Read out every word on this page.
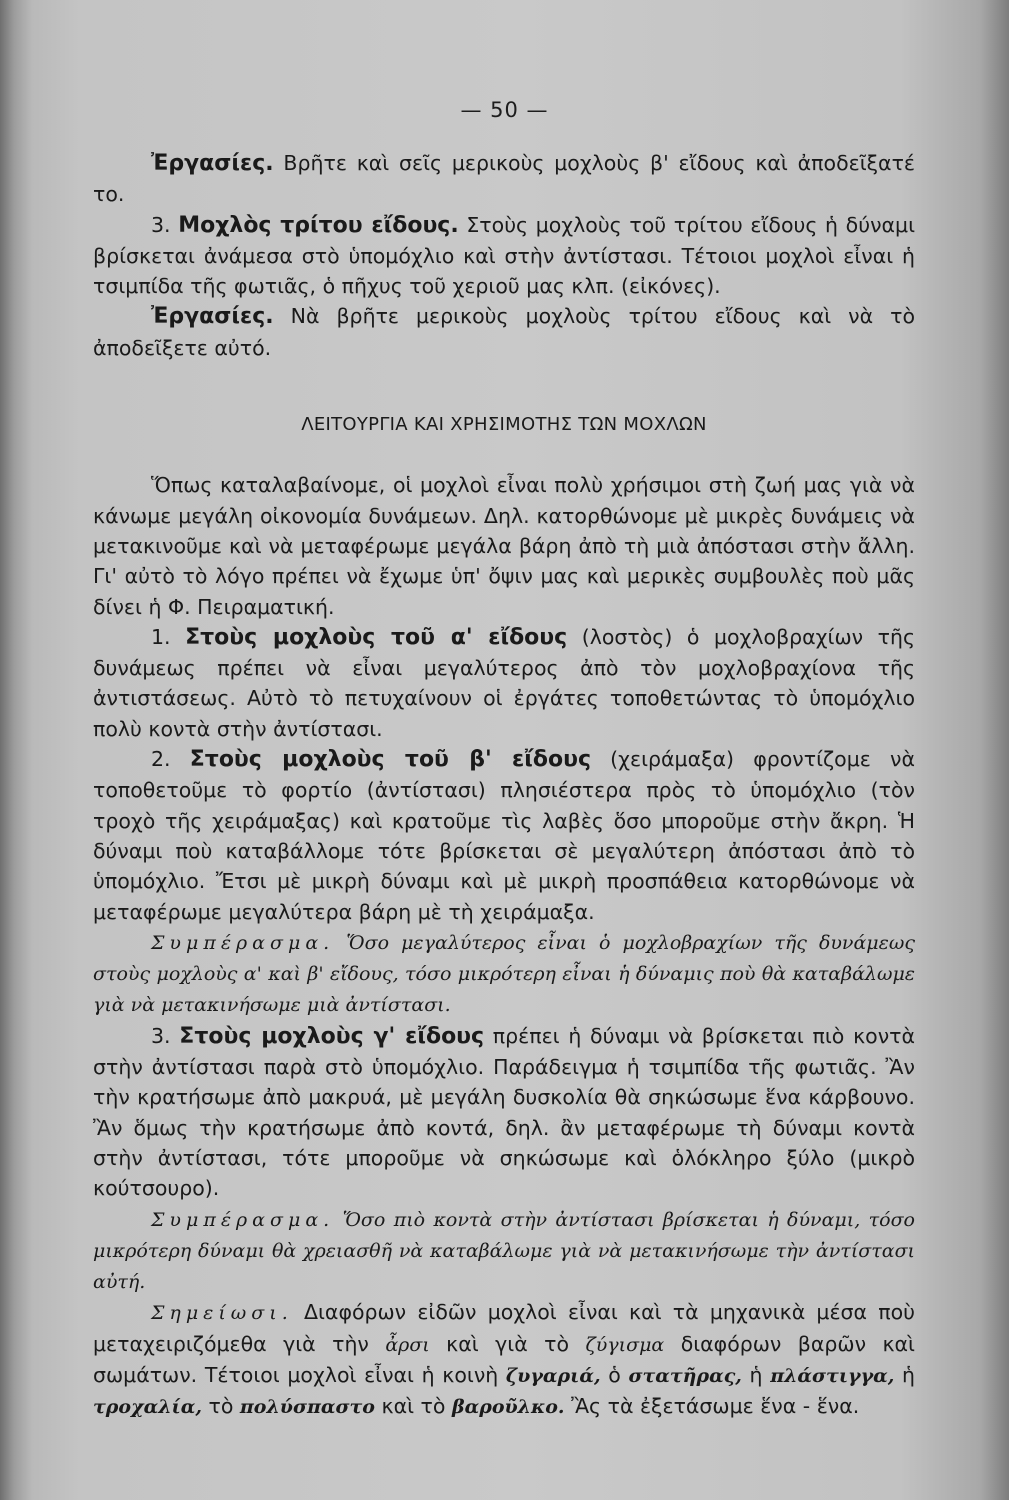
— 50 —

Ἐργασίες. Βρῆτε καὶ σεῖς μερικοὺς μοχλοὺς β' εἴδους καὶ ἀποδεῖξατέ το.

3. Μοχλὸς τρίτου εἴδους. Στοὺς μοχλοὺς τοῦ τρίτου εἴδους ἡ δύναμι βρίσκεται ἀνάμεσα στὸ ὑπομόχλιο καὶ στὴν ἀντίστασι. Τέτοιοι μοχλοὶ εἶναι ἡ τσιμπίδα τῆς φωτιᾶς, ὁ πῆχυς τοῦ χεριοῦ μας κλπ. (εἰκόνες).

Ἐργασίες. Νὰ βρῆτε μερικοὺς μοχλοὺς τρίτου εἴδους καὶ νὰ τὸ ἀποδεῖξετε αὐτό.

ΛΕΙΤΟΥΡΓΙΑ ΚΑΙ ΧΡΗΣΙΜΟΤΗΣ ΤΩΝ ΜΟΧΛΩΝ

Ὅπως καταλαβαίνομε, οἱ μοχλοὶ εἶναι πολὺ χρήσιμοι στὴ ζωή μας γιὰ νὰ κάνωμε μεγάλη οἰκονομία δυνάμεων. Δηλ. κατορθώνομε μὲ μικρὲς δυνάμεις νὰ μετακινοῦμε καὶ νὰ μεταφέρωμε μεγάλα βάρη ἀπὸ τὴ μιὰ ἀπόστασι στὴν ἄλλη. Γι' αὐτὸ τὸ λόγο πρέπει νὰ ἔχωμε ὑπ' ὄψιν μας καὶ μερικὲς συμβουλὲς ποὺ μᾶς δίνει ἡ Φ. Πειραματική.

1. Στοὺς μοχλοὺς τοῦ α' εἴδους (λοστὸς) ὁ μοχλοβραχίων τῆς δυνάμεως πρέπει νὰ εἶναι μεγαλύτερος ἀπὸ τὸν μοχλοβραχίονα τῆς ἀντιστάσεως. Αὐτὸ τὸ πετυχαίνουν οἱ ἐργάτες τοποθετώντας τὸ ὑπομόχλιο πολὺ κοντὰ στὴν ἀντίστασι.

2. Στοὺς μοχλοὺς τοῦ β' εἴδους (χειράμαξα) φροντίζομε νὰ τοποθετοῦμε τὸ φορτίο (ἀντίστασι) πλησιέστερα πρὸς τὸ ὑπομόχλιο (τὸν τροχὸ τῆς χειράμαξας) καὶ κρατοῦμε τὶς λαβὲς ὅσο μποροῦμε στὴν ἄκρη. Ἡ δύναμι ποὺ καταβάλλομε τότε βρίσκεται σὲ μεγαλύτερη ἀπόστασι ἀπὸ τὸ ὑπομόχλιο. Ἔτσι μὲ μικρὴ δύναμι καὶ μὲ μικρὴ προσπάθεια κατορθώνομε νὰ μεταφέρωμε μεγαλύτερα βάρη μὲ τὴ χειράμαξα.

Συμπέρασμα. Ὅσο μεγαλύτερος εἶναι ὁ μοχλοβραχίων τῆς δυνάμεως στοὺς μοχλοὺς α' καὶ β' εἴδους, τόσο μικρότερη εἶναι ἡ δύναμις ποὺ θὰ καταβάλωμε γιὰ νὰ μετακινήσωμε μιὰ ἀντίστασι.

3. Στοὺς μοχλοὺς γ' εἴδους πρέπει ἡ δύναμι νὰ βρίσκεται πιὸ κοντὰ στὴν ἀντίστασι παρὰ στὸ ὑπομόχλιο. Παράδειγμα ἡ τσιμπίδα τῆς φωτιᾶς. Ἂν τὴν κρατήσωμε ἀπὸ μακρυά, μὲ μεγάλη δυσκολία θὰ σηκώσωμε ἕνα κάρβουνο. Ἂν ὅμως τὴν κρατήσωμε ἀπὸ κοντά, δηλ. ἂν μεταφέρωμε τὴ δύναμι κοντὰ στὴν ἀντίστασι, τότε μποροῦμε νὰ σηκώσωμε καὶ ὁλόκληρο ξύλο (μικρὸ κούτσουρο).

Συμπέρασμα. Ὅσο πιὸ κοντὰ στὴν ἀντίστασι βρίσκεται ἡ δύναμι, τόσο μικρότερη δύναμι θὰ χρειασθῆ νὰ καταβάλωμε γιὰ νὰ μετακινήσωμε τὴν ἀντίστασι αὐτή.

Σημείωσι. Διαφόρων εἰδῶν μοχλοὶ εἶναι καὶ τὰ μηχανικὰ μέσα ποὺ μεταχειριζόμεθα γιὰ τὴν ἆρσι καὶ γιὰ τὸ ζύγισμα διαφόρων βαρῶν καὶ σωμάτων. Τέτοιοι μοχλοὶ εἶναι ἡ κοινὴ ζυγαριά, ὁ στατῆρας, ἡ πλάστιγγα, ἡ τροχαλία, τὸ πολύσπαστο καὶ τὸ βαροῦλκο. Ἂς τὰ ἐξετάσωμε ἕνα - ἕνα.
